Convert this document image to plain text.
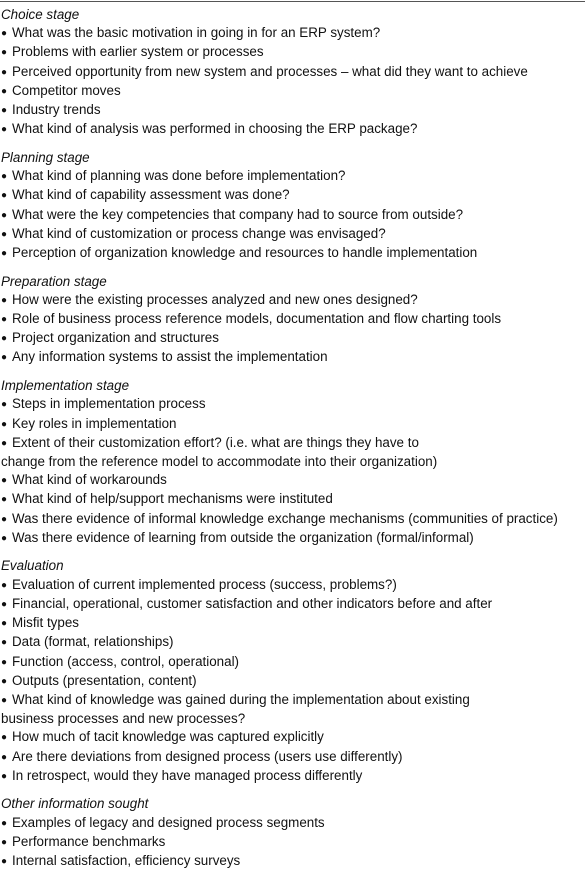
Choice stage
● What was the basic motivation in going in for an ERP system?
● Problems with earlier system or processes
● Perceived opportunity from new system and processes – what did they want to achieve
● Competitor moves
● Industry trends
● What kind of analysis was performed in choosing the ERP package?
Planning stage
● What kind of planning was done before implementation?
● What kind of capability assessment was done?
● What were the key competencies that company had to source from outside?
● What kind of customization or process change was envisaged?
● Perception of organization knowledge and resources to handle implementation
Preparation stage
● How were the existing processes analyzed and new ones designed?
● Role of business process reference models, documentation and flow charting tools
● Project organization and structures
● Any information systems to assist the implementation
Implementation stage
● Steps in implementation process
● Key roles in implementation
● Extent of their customization effort? (i.e. what are things they have to
change from the reference model to accommodate into their organization)
● What kind of workarounds
● What kind of help/support mechanisms were instituted
● Was there evidence of informal knowledge exchange mechanisms (communities of practice)
● Was there evidence of learning from outside the organization (formal/informal)
Evaluation
● Evaluation of current implemented process (success, problems?)
● Financial, operational, customer satisfaction and other indicators before and after
● Misfit types
● Data (format, relationships)
● Function (access, control, operational)
● Outputs (presentation, content)
● What kind of knowledge was gained during the implementation about existing
business processes and new processes?
● How much of tacit knowledge was captured explicitly
● Are there deviations from designed process (users use differently)
● In retrospect, would they have managed process differently
Other information sought
● Examples of legacy and designed process segments
● Performance benchmarks
● Internal satisfaction, efficiency surveys
